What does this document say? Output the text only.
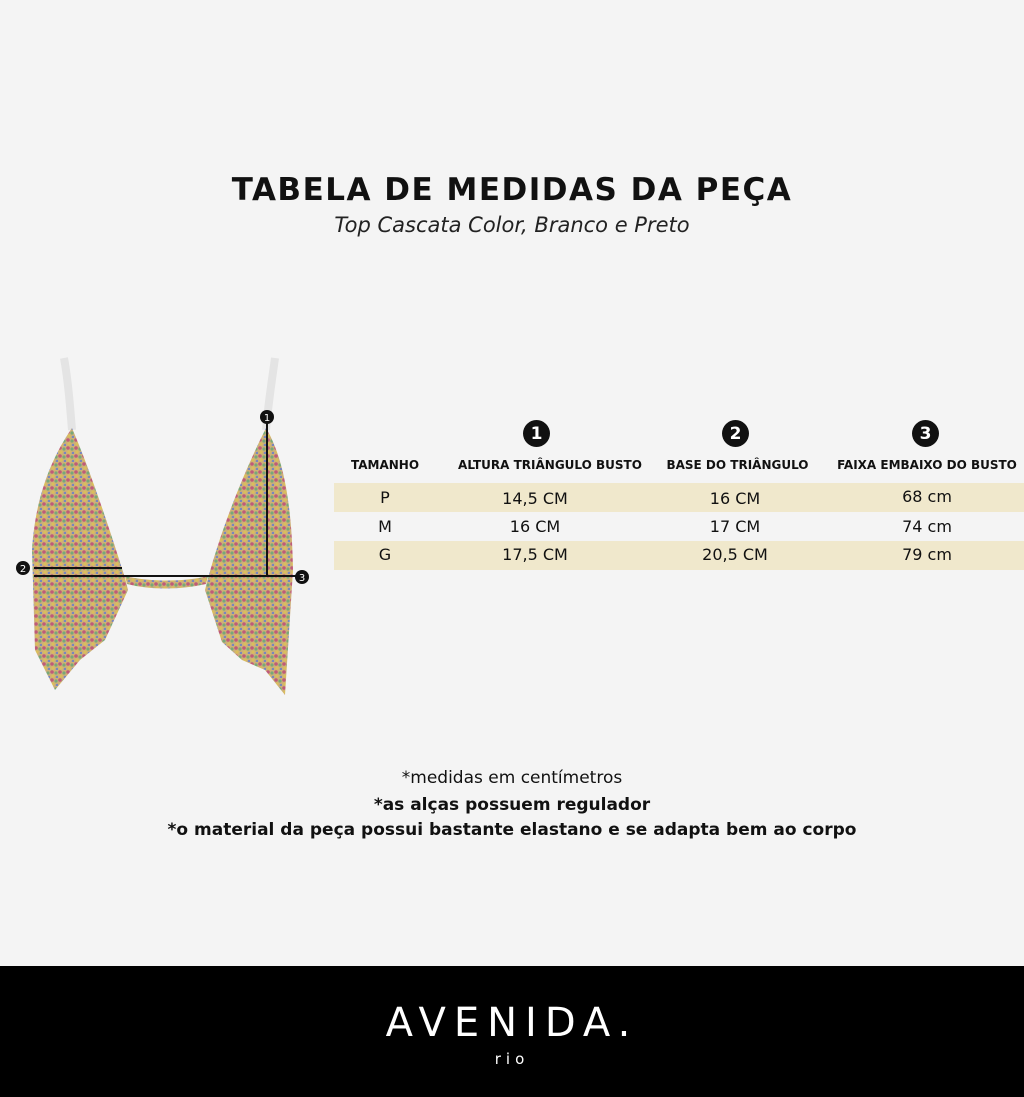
TABELA DE MEDIDAS DA PEÇA
Top Cascata Color, Branco e Preto
1
2
3
1	2	3
TAMANHO	ALTURA TRIÂNGULO BUSTO	BASE DO TRIÂNGULO	FAIXA EMBAIXO DO BUSTO
P	14,5 CM	16 CM	68 cm
M	16 CM	17 CM	74 cm
G	17,5 CM	20,5 CM	79 cm
*medidas em centímetros
*as alças possuem regulador
*o material da peça possui bastante elastano e se adapta bem ao corpo
AVENIDA.
rio
